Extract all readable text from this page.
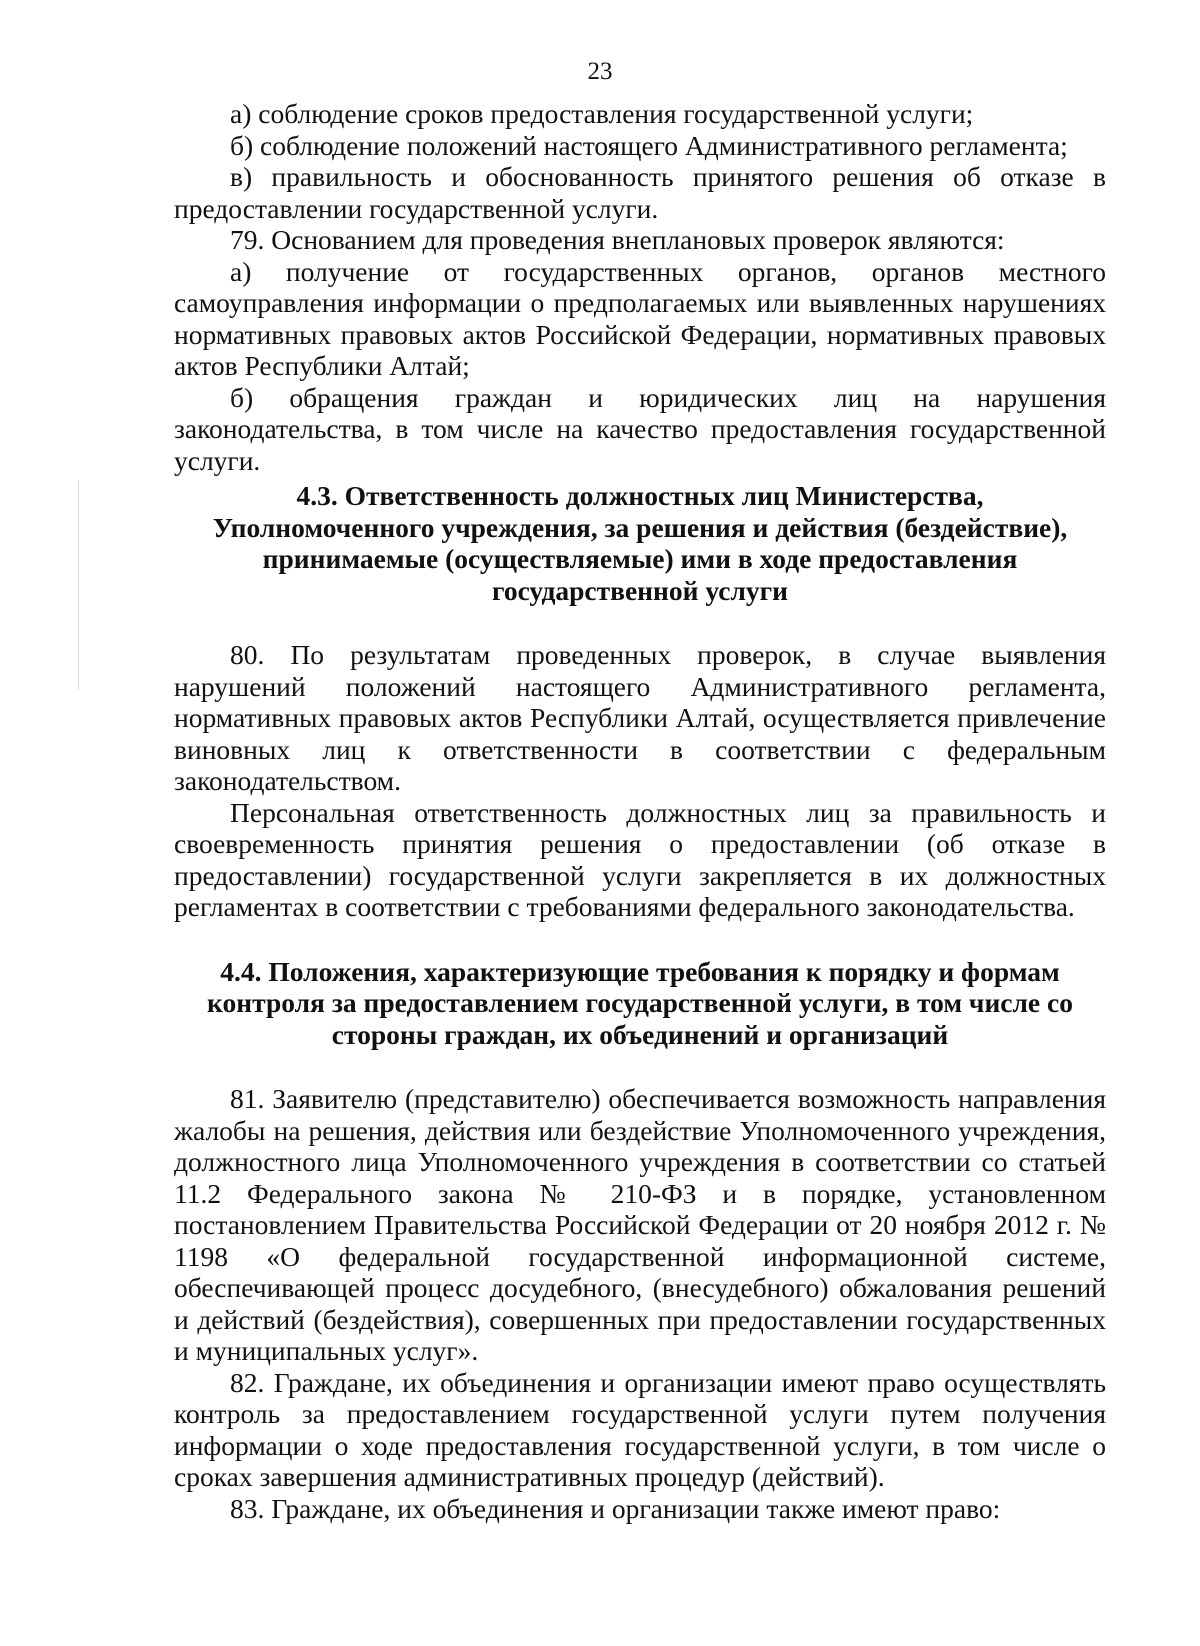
23

а) соблюдение сроков предоставления государственной услуги;

б) соблюдение положений настоящего Административного регламента;

в) правильность и обоснованность принятого решения об отказе в предоставлении государственной услуги.

79. Основанием для проведения внеплановых проверок являются:

а) получение от государственных органов, органов местного самоуправления информации о предполагаемых или выявленных нарушениях нормативных правовых актов Российской Федерации, нормативных правовых актов Республики Алтай;

б) обращения граждан и юридических лиц на нарушения законодательства, в том числе на качество предоставления государственной услуги.

4.3. Ответственность должностных лиц Министерства,
Уполномоченного учреждения, за решения и действия (бездействие),
принимаемые (осуществляемые) ими в ходе предоставления
государственной услуги

80. По результатам проведенных проверок, в случае выявления нарушений положений настоящего Административного регламента, нормативных правовых актов Республики Алтай, осуществляется привлечение виновных лиц к ответственности в соответствии с федеральным законодательством.

Персональная ответственность должностных лиц за правильность и своевременность принятия решения о предоставлении (об отказе в предоставлении) государственной услуги закрепляется в их должностных регламентах в соответствии с требованиями федерального законодательства.

4.4. Положения, характеризующие требования к порядку и формам
контроля за предоставлением государственной услуги, в том числе со
стороны граждан, их объединений и организаций

81. Заявителю (представителю) обеспечивается возможность направления жалобы на решения, действия или бездействие Уполномоченного учреждения, должностного лица Уполномоченного учреждения в соответствии со статьей 11.2 Федерального закона № 210-ФЗ и в порядке, установленном постановлением Правительства Российской Федерации от 20 ноября 2012 г. № 1198 «О федеральной государственной информационной системе, обеспечивающей процесс досудебного, (внесудебного) обжалования решений и действий (бездействия), совершенных при предоставлении государственных и муниципальных услуг».

82. Граждане, их объединения и организации имеют право осуществлять контроль за предоставлением государственной услуги путем получения информации о ходе предоставления государственной услуги, в том числе о сроках завершения административных процедур (действий).

83. Граждане, их объединения и организации также имеют право:
